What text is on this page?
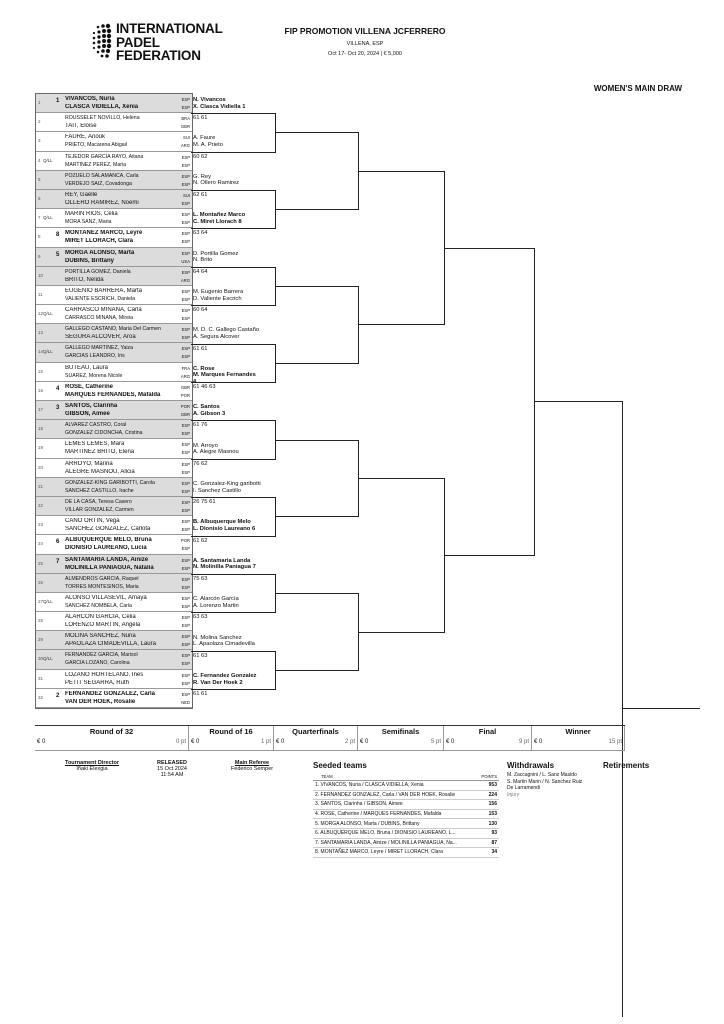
INTERNATIONAL
PADEL
FEDERATION
FIP PROMOTION VILLENA JCFERRERO
VILLENA, ESP
Oct 17- Oct 20, 2024 | € 5,000
WOMEN'S MAIN DRAW
1	1 VIVANCOS, Nuria
CLASCA VIDIELLA, Xenia
ESP
ESP
2
ROUSSELET NOVILLO, Helena
TAIT, Eloise
BRA
GBR
3
FAURE, Anouk
PRIETO, Macarena Abigail
SUI
ARG
4 Q/LL
TEJEDOR GARCIA RAYO, Aitana
MARTINEZ PEREZ, Maria
ESP
ESP
5
POZUELO SALAMANCA, Carla
VERDEJO SAIZ, Covadonga
ESP
ESP
6
REY, Gaelle
OLLERO RAMIREZ, Noemi
SUI
ESP
7 Q/LL
MARIN RIOS, Celia
MORA SANZ, Maria
ESP
ESP
8	8 MONTAÑEZ MARCO, Leyre
MIRET LLORACH, Clara
ESP
ESP
9	5 MORGA ALONSO, Marta
DUBINS, Brittany
ESP
USA
10
PORTILLA GOMEZ, Daniela
BRITO, Nelida
ESP
ARG
11
EUGENIO BARRERA, Marta
VALIENTE ESCRICH, Daniela
ESP
ESP
12 Q/LL
CARRASCO MIÑANA, Carla
CARRASCO MIÑANA, Mireia
ESP
ESP
13
GALLEGO CASTAÑO, Maria Del Carmen
SEGURA ALCOVER, Aroa
ESP
ESP
14 Q/LL
GALLEGO MARTINEZ, Yaiza
GARCIAS LEANDRO, Iris
ESP
ESP
15
BUTEAU, Laura
SUAREZ, Morena Nicole
FRA
ARG
16 4 ROSE, Catherine
MARQUES FERNANDES, Mafalda
GBR
POR
17 3 SANTOS, Clarinha
GIBSON, Aimee
POR
GBR
18
ALVAREZ CASTRO, Coral
GONZALEZ CIDONCHA, Cristina
ESP
ESP
19
LEMES LEMES, Mara
MARTINEZ BRITO, Elena
ESP
ESP
20
ARROYO, Marina
ALEGRE MASNOU, Alicia
ESP
ESP
21
GONZALEZ-KING GARIBOTTI, Carola
SANCHEZ CASTILLO, Irache
ESP
ESP
22
DE LA CASA, Teresa Casero
VILLAR GONZALEZ, Carmen
ESP
ESP
23
CANO ORTIN, Vega
SANCHEZ GONZALEZ, Carlota
ESP
ESP
24 6 ALBUQUERQUE MELO, Bruna
DIONISIO LAUREANO, Lucia
POR
ESP
25 7 SANTAMARIA LANDA, Ainize
MOLINILLA PANIAGUA, Natalia
ESP
ESP
26
ALMENDROS GARCIA, Raquel
TORRES MONTESINOS, Maria
ESP
ESP
27 Q/LL
ALONSO VILLASEVIL, Amaya
SANCHEZ NOMBELA, Carla
ESP
ESP
28
ALARCÓN GARCÍA, Celia
LORENZO MARTIN, Angela
ESP
ESP
29
MOLINA SANCHEZ, Nuria
APAOLAZA CIMADEVILLA, Laura
ESP
ESP
30 Q/LL
FERNANDEZ GARCIA, Marisol
GARCÍA LOZANO, Carolina
ESP
ESP
31
LOZANO HORTELANO, Ines
PETIT SEGARRA, Ruth
ESP
ESP
32 2 FERNANDEZ GONZALEZ, Carla
VAN DER HOEK, Rosalie
ESP
NED
N. Vivancos
X. Clasca Vidiella 1
61 61
A. Faure
M. A. Prieto
60 62
G. Rey
N. Ollero Ramirez
62 61
L. Montañez Marco
C. Miret Llorach 8
63 64
D. Portilla Gomez
N. Brito
64 64
M. Eugenio Barrera
D. Valiente Escrich
60 64
M. D. C. Gallego Castaño
A. Segura Alcover
61 61
C. Rose
M. Marques Fernandes
61 46 63
C. Santos
A. Gibson 3
61 76
M. Arroyo
A. Alegre Masnou
76 62
C. Gonzalez-King garibotti
I. Sanchez Castillo
26 75 61
B. Albuquerque Melo
L. Dionisio Laureano 6
61 62
A. Santamaria Landa
N. Molinilla Paniagua 7
75 63
C. Alarcón García
A. Lorenzo Martin
63 63
N. Molina Sanchez
L. Apaolaza Cimadevilla
61 63
C. Fernandez Gonzalez
R. Van Der Hoek 2
61 61
Round of 32
€ 0	0 pt
Round of 16
€ 0	1 pt
Quarterfinals
€ 0	2 pt
Semifinals
€ 0	5 pt
Final
€ 0	9 pt
Winner
€ 0	15 pt
Tournament Director
Iñaki Elexgia
RELEASED
15 Oct 2024
11:54 AM
Main Referee
Federico Semper	Seeded teams
TEAM	POINTS
1. VIVANCOS, Nuria / CLASCA VIDIELLA, Xenia	953
2. FERNANDEZ GONZALEZ, Carla / VAN DER HOEK, Rosalie	224
3. SANTOS, Clarinha / GIBSON, Aimee	156
4. ROSE, Catherine / MARQUES FERNANDES, Mafalda	153
5. MORGA ALONSO, Marta / DUBINS, Brittany	130
6. ALBUQUERQUE MELO, Bruna / DIONISIO LAUREANO, L...	93
7. SANTAMARIA LANDA, Ainize / MOLINILLA PANIAGUA, Na...	87
8. MONTAÑEZ MARCO, Leyre / MIRET LLORACH, Clara	34
Withdrawals
M. Zaccagnini / L. Sanz Masido
S. Martin Marin / N. Sanchez Ruiz
De Larramendi
Injury
Retirements
